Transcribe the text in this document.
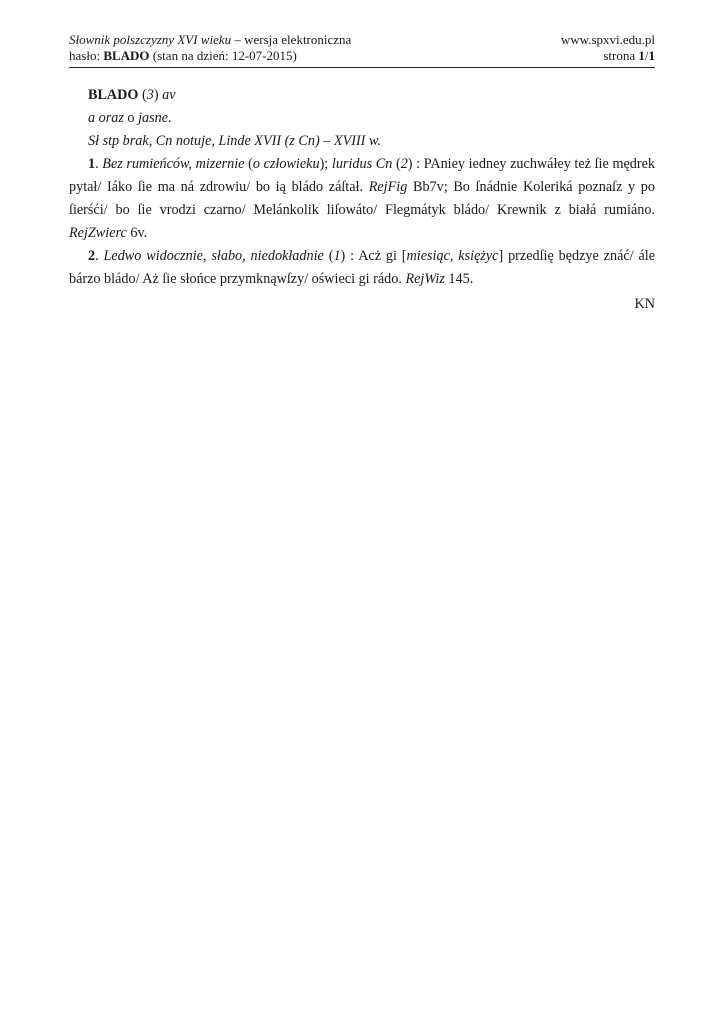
Słownik polszczyzny XVI wieku – wersja elektroniczna	www.spxvi.edu.pl
hasło: BLADO (stan na dzień: 12-07-2015)	strona 1/1

BLADO (3) av

a oraz o jasne.

Sł stp brak, Cn notuje, Linde XVII (z Cn) – XVIII w.

1. Bez rumieńców, mizernie (o człowieku); luridus Cn (2) : PAniey iedney zuchwáłey też ſie mędrek pytał/ Iáko ſie ma ná zdrowiu/ bo ią bládo záſtał. RejFig Bb7v; Bo ſnádnie Koleriká poznaſz y po ſierśći/ bo ſie vrodzi czarno/ Melánkolik liſowáto/ Flegmátyk bládo/ Krewnik z białá rumiáno. RejZwierc 6v.

2. Ledwo widocznie, słabo, niedokładnie (1) : Acż gi [miesiąc, księżyc] przedſię będzye znáć/ ále bárzo bládo/ Aż ſie słońce przymknąwſzy/ oświeci gi rádo. RejWiz 145.

KN
